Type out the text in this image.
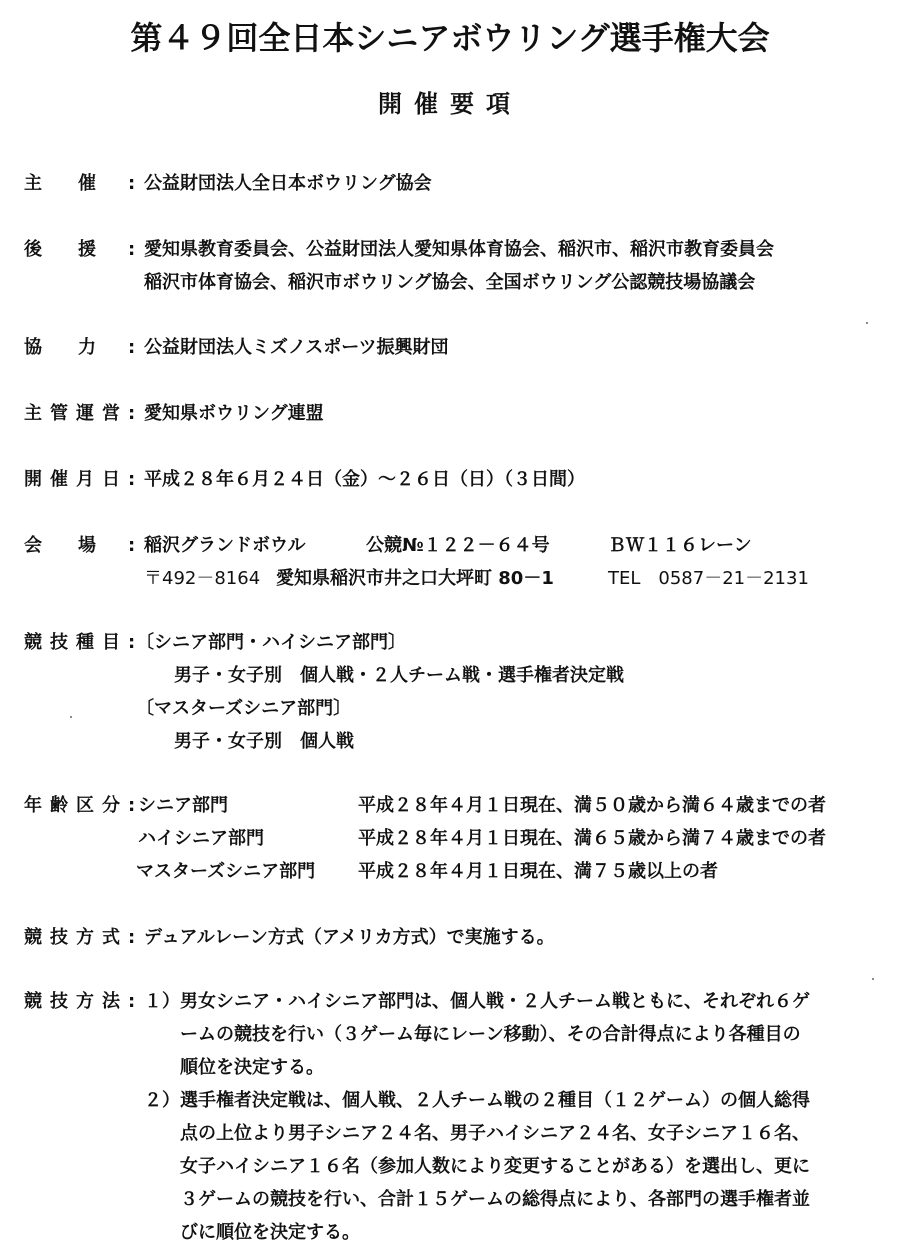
第４９回全日本シニアボウリング選手権大会
開催要項
主　　催 : 公益財団法人全日本ボウリング協会
後　　援 : 愛知県教育委員会、公益財団法人愛知県体育協会、稲沢市、稲沢市教育委員会
稲沢市体育協会、稲沢市ボウリング協会、全国ボウリング公認競技場協議会
協　　力 : 公益財団法人ミズノスポーツ振興財団
主管運営 : 愛知県ボウリング連盟
開催月日 : 平成２８年６月２４日（金）～２６日（日）（３日間）
会　　場 : 稲沢グランドボウル	公競№１２２－６４号	ＢＷ１１６レーン
〒492－8164 愛知県稲沢市井之口大坪町 80－1	TEL　0587－21－2131
競技種目 : 〔シニア部門・ハイシニア部門〕
男子・女子別　個人戦・２人チーム戦・選手権者決定戦
〔マスターズシニア部門〕
男子・女子別　個人戦
年齢区分 : シニア部門	平成２８年４月１日現在、満５０歳から満６４歳までの者
ハイシニア部門	平成２８年４月１日現在、満６５歳から満７４歳までの者
マスターズシニア部門 平成２８年４月１日現在、満７５歳以上の者
競技方式 : デュアルレーン方式（アメリカ方式）で実施する。
競技方法 : １） 男女シニア・ハイシニア部門は、個人戦・２人チーム戦ともに、それぞれ６ゲ
ームの競技を行い（３ゲーム毎にレーン移動）、その合計得点により各種目の
順位を決定する。
２） 選手権者決定戦は、個人戦、２人チーム戦の２種目（１２ゲーム）の個人総得
点の上位より男子シニア２４名、男子ハイシニア２４名、女子シニア１６名、
女子ハイシニア１６名（参加人数により変更することがある）を選出し、更に
３ゲームの競技を行い、合計１５ゲームの総得点により、各部門の選手権者並
びに順位を決定する。
